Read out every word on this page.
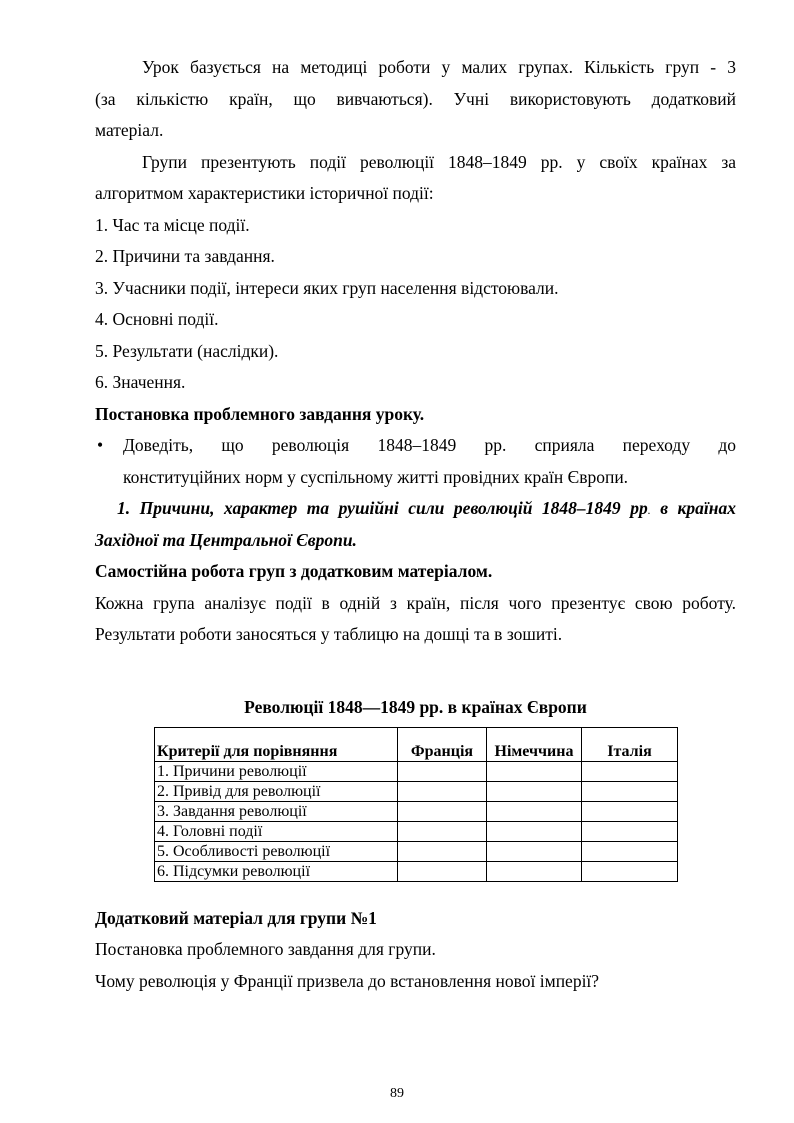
Урок базується на методиці роботи у малих групах. Кількість груп - 3
(за кількістю країн, що вивчаються). Учні використовують додатковий
матеріал.
Групи презентують події революції 1848–1849 рр. у своїх країнах за
алгоритмом характеристики історичної події:
1. Час та місце події.
2. Причини та завдання.
3. Учасники події, інтереси яких груп населення відстоювали.
4. Основні події.
5. Результати (наслідки).
6. Значення.
Постановка проблемного завдання уроку.
• Доведіть, що революція 1848–1849 рр. сприяла переходу до
конституційних норм у суспільному житті провідних країн Європи.
1. Причини, характер та рушійні сили революцій 1848–1849 рр. в країнах
Західної та Центральної Європи.
Самостійна робота груп з додатковим матеріалом.
Кожна група аналізує події в одній з країн, після чого презентує свою роботу.
Результати роботи заносяться у таблицю на дошці та в зошиті.
Революції 1848—1849 рр. в країнах Європи
Критерії для порівняння	Франція	Німеччина	Італія
1. Причини революції			
2. Привід для революції			
3. Завдання революції			
4. Головні події			
5. Особливості революції			
6. Підсумки революції			
Додатковий матеріал для групи №1
Постановка проблемного завдання для групи.
Чому революція у Франції призвела до встановлення нової імперії?
89
